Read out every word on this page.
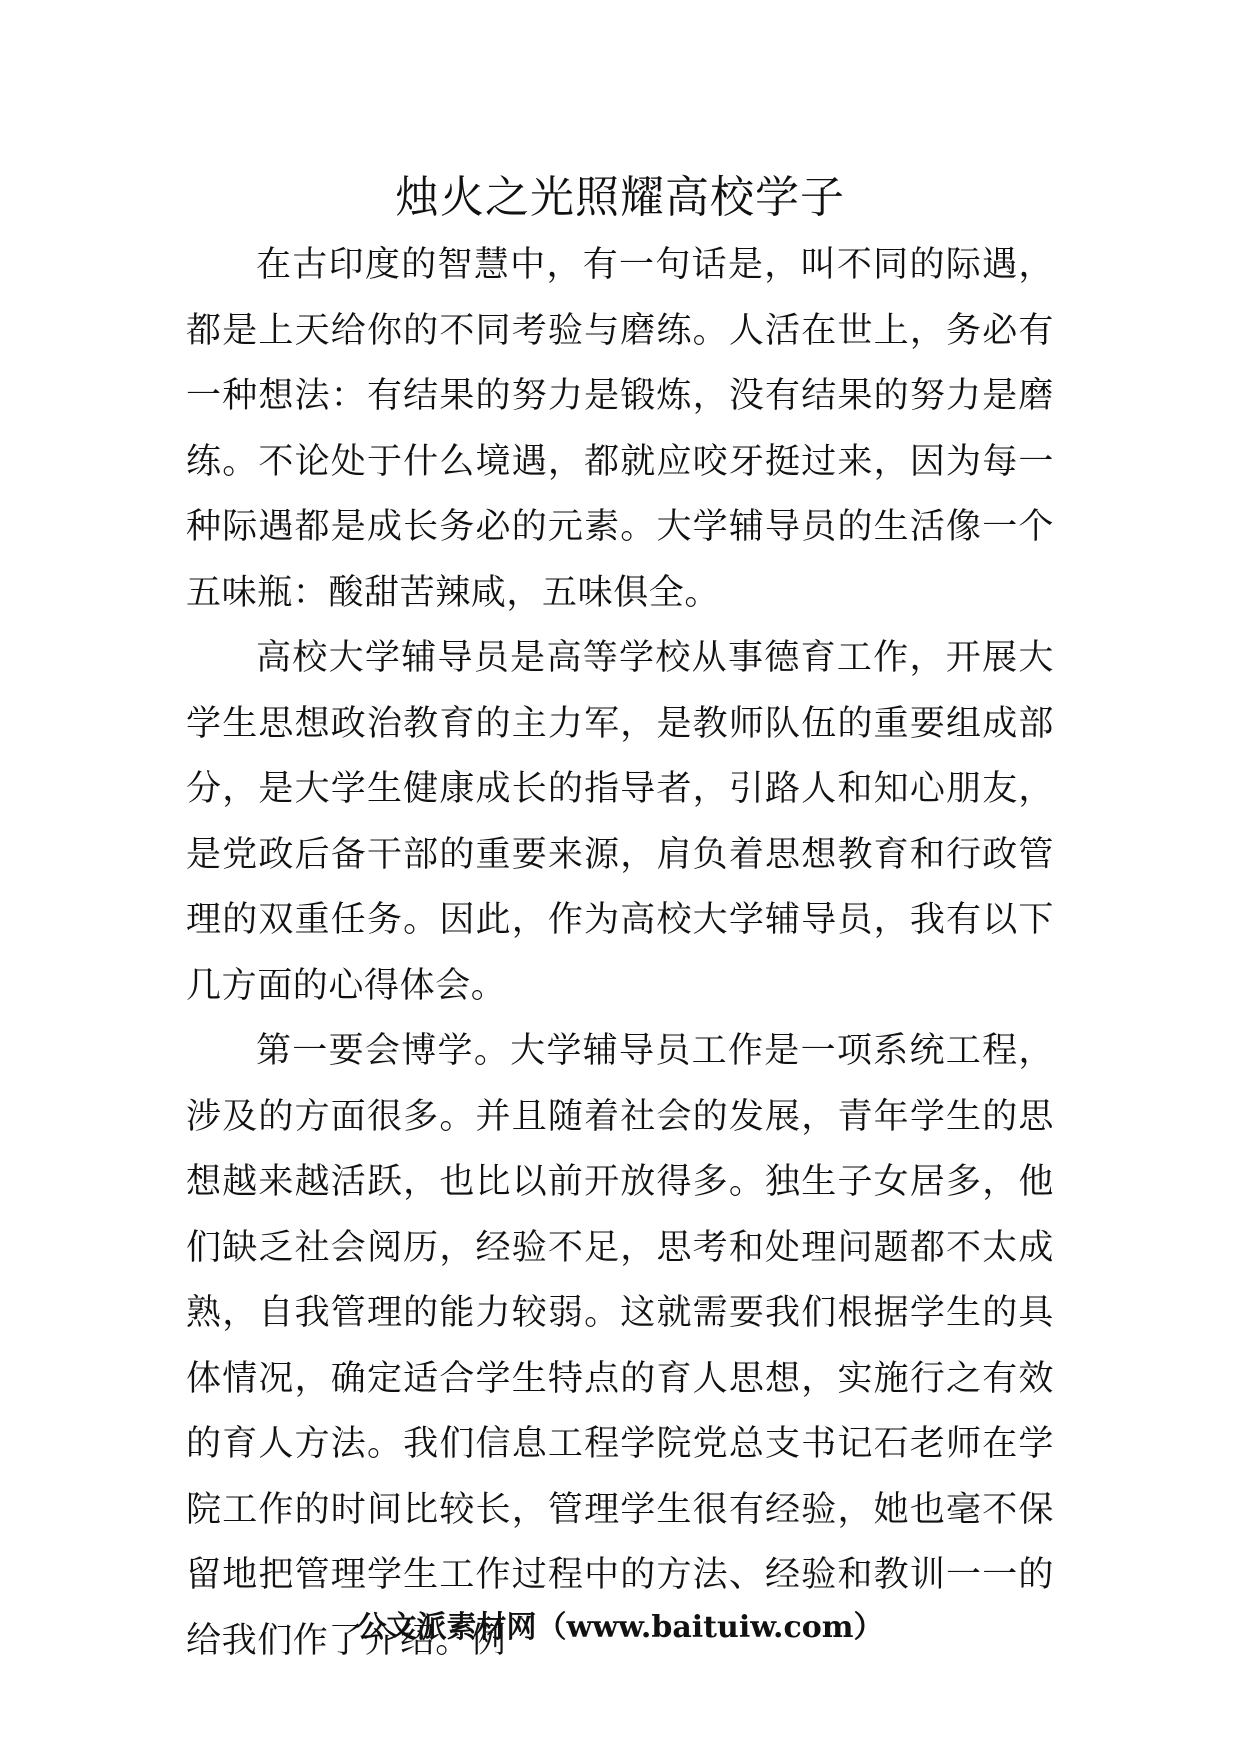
烛火之光照耀高校学子

在古印度的智慧中，有一句话是，叫不同的际遇，都是上天给你的不同考验与磨练。人活在世上，务必有一种想法：有结果的努力是锻炼，没有结果的努力是磨练。不论处于什么境遇，都就应咬牙挺过来，因为每一种际遇都是成长务必的元素。大学辅导员的生活像一个五味瓶：酸甜苦辣咸，五味俱全。

高校大学辅导员是高等学校从事德育工作，开展大学生思想政治教育的主力军，是教师队伍的重要组成部分，是大学生健康成长的指导者，引路人和知心朋友，是党政后备干部的重要来源，肩负着思想教育和行政管理的双重任务。因此，作为高校大学辅导员，我有以下几方面的心得体会。

第一要会博学。大学辅导员工作是一项系统工程，涉及的方面很多。并且随着社会的发展，青年学生的思想越来越活跃，也比以前开放得多。独生子女居多，他们缺乏社会阅历，经验不足，思考和处理问题都不太成熟，自我管理的能力较弱。这就需要我们根据学生的具体情况，确定适合学生特点的育人思想，实施行之有效的育人方法。我们信息工程学院党总支书记石老师在学院工作的时间比较长，管理学生很有经验，她也毫不保留地把管理学生工作过程中的方法、经验和教训一一的给我们作了介绍。例

公文派素材网（www.baituiw.com）
